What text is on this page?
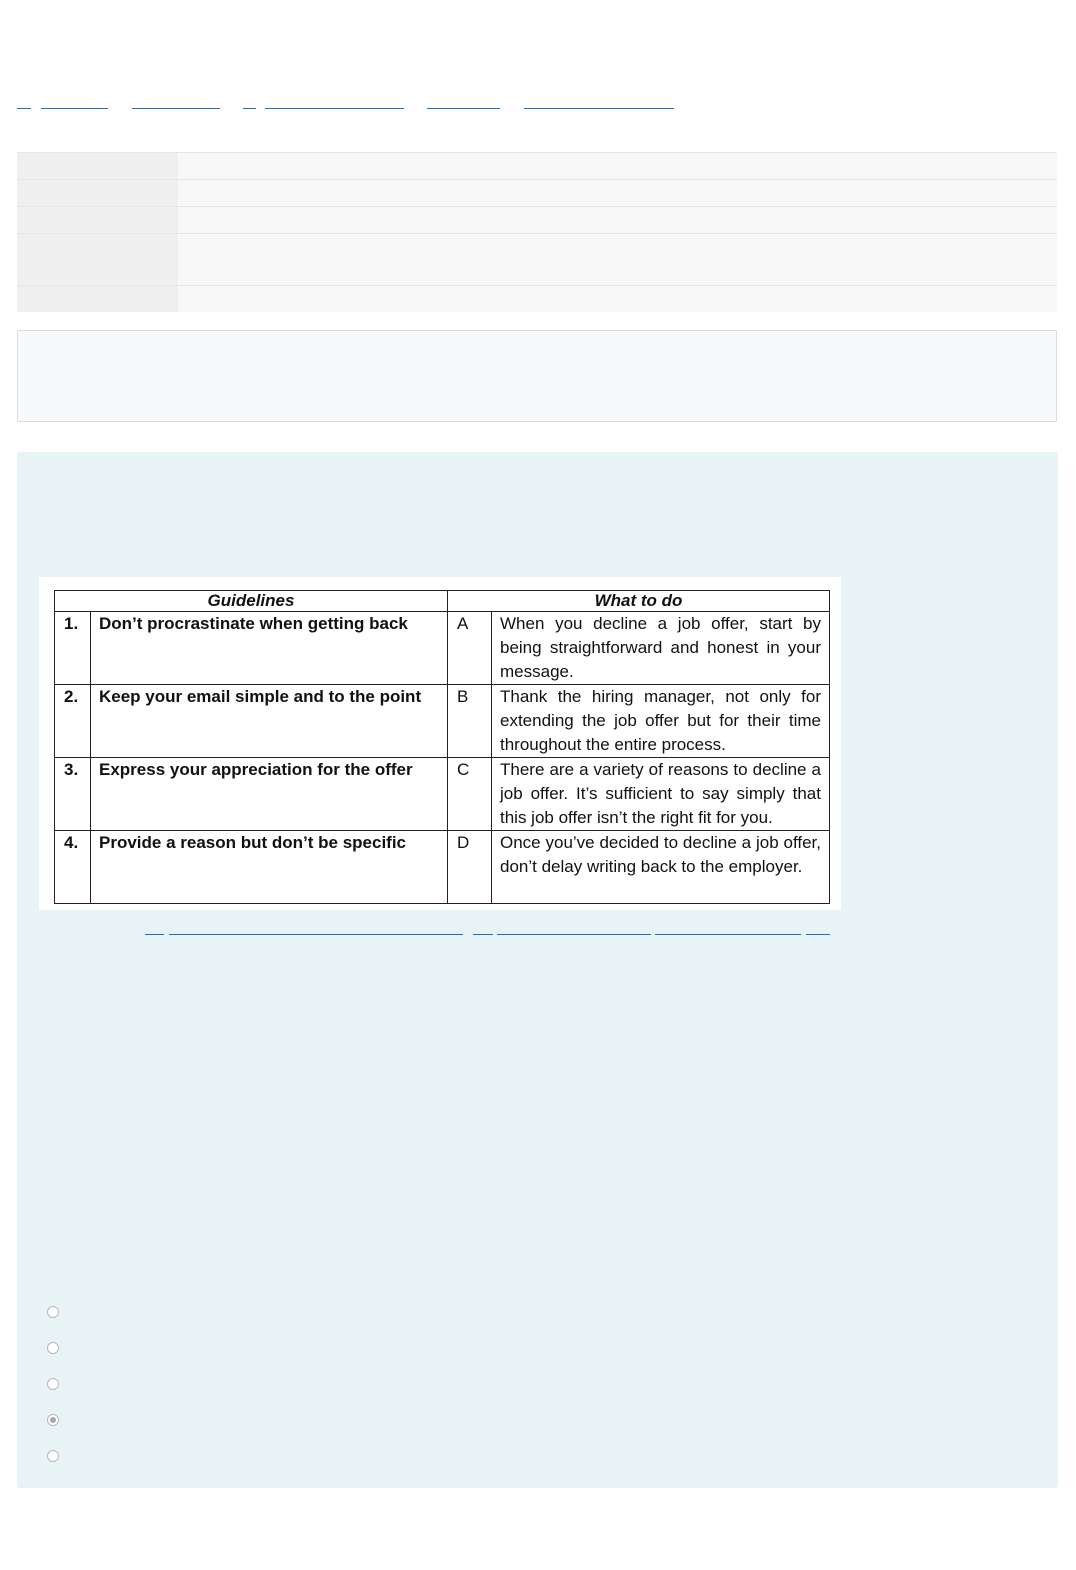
Guidelines		What to do	
1.	Don’t procrastinate when getting back	A	When you decline a job offer, start by being straightforward and honest in your message.
2.	Keep your email simple and to the point	B	Thank the hiring manager, not only for extending the job offer but for their time throughout the entire process.
3.	Express your appreciation for the offer	C	There are a variety of reasons to decline a job offer. It’s sufficient to say simply that this job offer isn’t the right fit for you.
4.	Provide a reason but don’t be specific	D	Once you’ve decided to decline a job offer, don’t delay writing back to the employer.
